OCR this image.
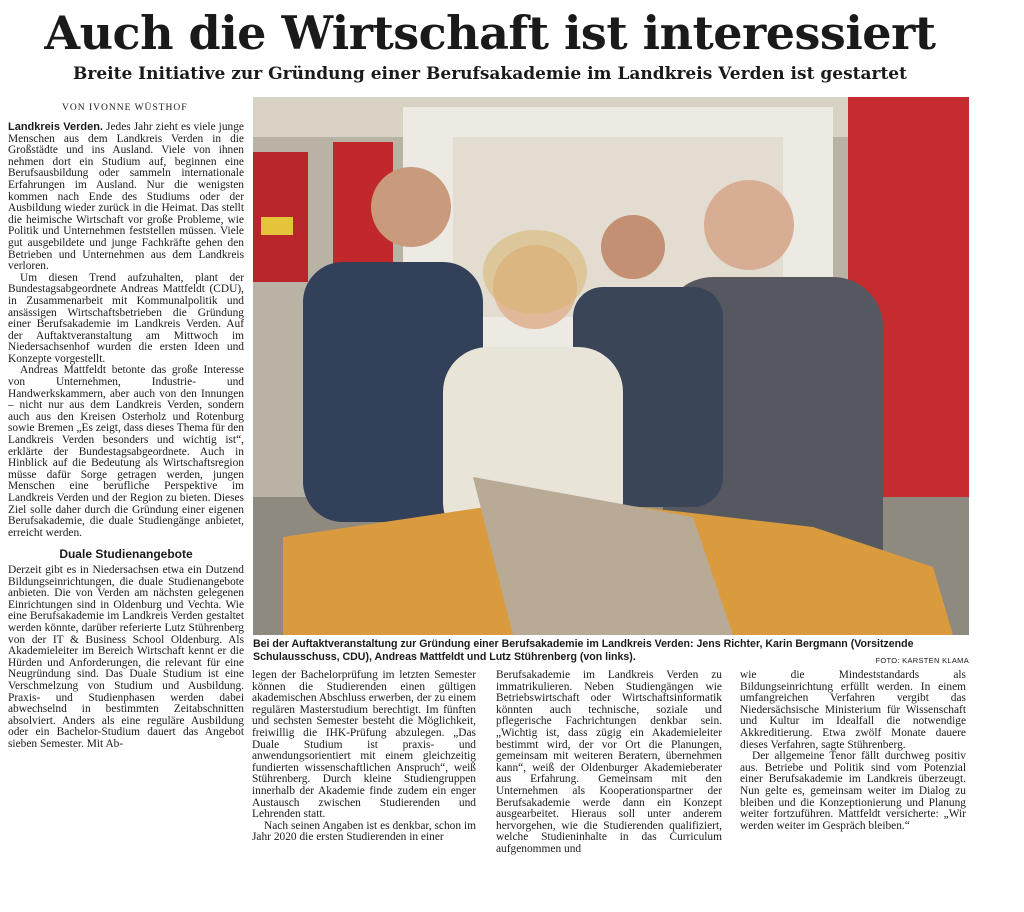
Auch die Wirtschaft ist interessiert
Breite Initiative zur Gründung einer Berufsakademie im Landkreis Verden ist gestartet

VON IVONNE WÜSTHOF

Landkreis Verden. Jedes Jahr zieht es viele junge Menschen aus dem Landkreis Verden in die Großstädte und ins Ausland. Viele von ihnen nehmen dort ein Studium auf, beginnen eine Berufsausbildung oder sammeln internationale Erfahrungen im Ausland. Nur die wenigsten kommen nach Ende des Studiums oder der Ausbildung wieder zurück in die Heimat. Das stellt die heimische Wirtschaft vor große Probleme, wie Politik und Unternehmen feststellen müssen. Viele gut ausgebildete und junge Fachkräfte gehen den Betrieben und Unternehmen aus dem Landkreis verloren.

Um diesen Trend aufzuhalten, plant der Bundestagsabgeordnete Andreas Mattfeldt (CDU), in Zusammenarbeit mit Kommunalpolitik und ansässigen Wirtschaftsbetrieben die Gründung einer Berufsakademie im Landkreis Verden. Auf der Auftaktveranstaltung am Mittwoch im Niedersachsenhof wurden die ersten Ideen und Konzepte vorgestellt.

Andreas Mattfeldt betonte das große Interesse von Unternehmen, Industrie- und Handwerkskammern, aber auch von den Innungen – nicht nur aus dem Landkreis Verden, sondern auch aus den Kreisen Osterholz und Rotenburg sowie Bremen „Es zeigt, dass dieses Thema für den Landkreis Verden besonders und wichtig ist“, erklärte der Bundestagsabgeordnete. Auch in Hinblick auf die Bedeutung als Wirtschaftsregion müsse dafür Sorge getragen werden, jungen Menschen eine berufliche Perspektive im Landkreis Verden und der Region zu bieten. Dieses Ziel solle daher durch die Gründung einer eigenen Berufsakademie, die duale Studiengänge anbietet, erreicht werden.

Duale Studienangebote

Derzeit gibt es in Niedersachsen etwa ein Dutzend Bildungseinrichtungen, die duale Studienangebote anbieten. Die von Verden am nächsten gelegenen Einrichtungen sind in Oldenburg und Vechta. Wie eine Berufsakademie im Landkreis Verden gestaltet werden könnte, darüber referierte Lutz Stührenberg von der IT & Business School Oldenburg. Als Akademieleiter im Bereich Wirtschaft kennt er die Hürden und Anforderungen, die relevant für eine Neugründung sind. Das Duale Studium ist eine Verschmelzung von Studium und Ausbildung. Praxis- und Studienphasen werden dabei abwechselnd in bestimmten Zeitabschnitten absolviert. Anders als eine reguläre Ausbildung oder ein Bachelor-Studium dauert das Angebot sieben Semester. Mit Ab-

Bei der Auftaktveranstaltung zur Gründung einer Berufsakademie im Landkreis Verden: Jens Richter, Karin Bergmann (Vorsitzende Schulausschuss, CDU), Andreas Mattfeldt und Lutz Stührenberg (von links).	FOTO: KARSTEN KLAMA

legen der Bachelorprüfung im letzten Semester können die Studierenden einen gültigen akademischen Abschluss erwerben, der zu einem regulären Masterstudium berechtigt. Im fünften und sechsten Semester besteht die Möglichkeit, freiwillig die IHK-Prüfung abzulegen. „Das Duale Studium ist praxis- und anwendungsorientiert mit einem gleichzeitig fundierten wissenschaftlichen Anspruch“, weiß Stührenberg. Durch kleine Studiengruppen innerhalb der Akademie finde zudem ein enger Austausch zwischen Studierenden und Lehrenden statt.

Nach seinen Angaben ist es denkbar, schon im Jahr 2020 die ersten Studierenden in einer

Berufsakademie im Landkreis Verden zu immatrikulieren. Neben Studiengängen wie Betriebswirtschaft oder Wirtschaftsinformatik könnten auch technische, soziale und pflegerische Fachrichtungen denkbar sein. „Wichtig ist, dass zügig ein Akademieleiter bestimmt wird, der vor Ort die Planungen, gemeinsam mit weiteren Beratern, übernehmen kann“, weiß der Oldenburger Akademieberater aus Erfahrung. Gemeinsam mit den Unternehmen als Kooperationspartner der Berufsakademie werde dann ein Konzept ausgearbeitet. Hieraus soll unter anderem hervorgehen, wie die Studierenden qualifiziert, welche Studieninhalte in das Curriculum aufgenommen und

wie die Mindeststandards als Bildungseinrichtung erfüllt werden. In einem umfangreichen Verfahren vergibt das Niedersächsische Ministerium für Wissenschaft und Kultur im Idealfall die notwendige Akkreditierung. Etwa zwölf Monate dauere dieses Verfahren, sagte Stührenberg.

Der allgemeine Tenor fällt durchweg positiv aus. Betriebe und Politik sind vom Potenzial einer Berufsakademie im Landkreis überzeugt. Nun gelte es, gemeinsam weiter im Dialog zu bleiben und die Konzeptionierung und Planung weiter fortzuführen. Mattfeldt versicherte: „Wir werden weiter im Gespräch bleiben.“
